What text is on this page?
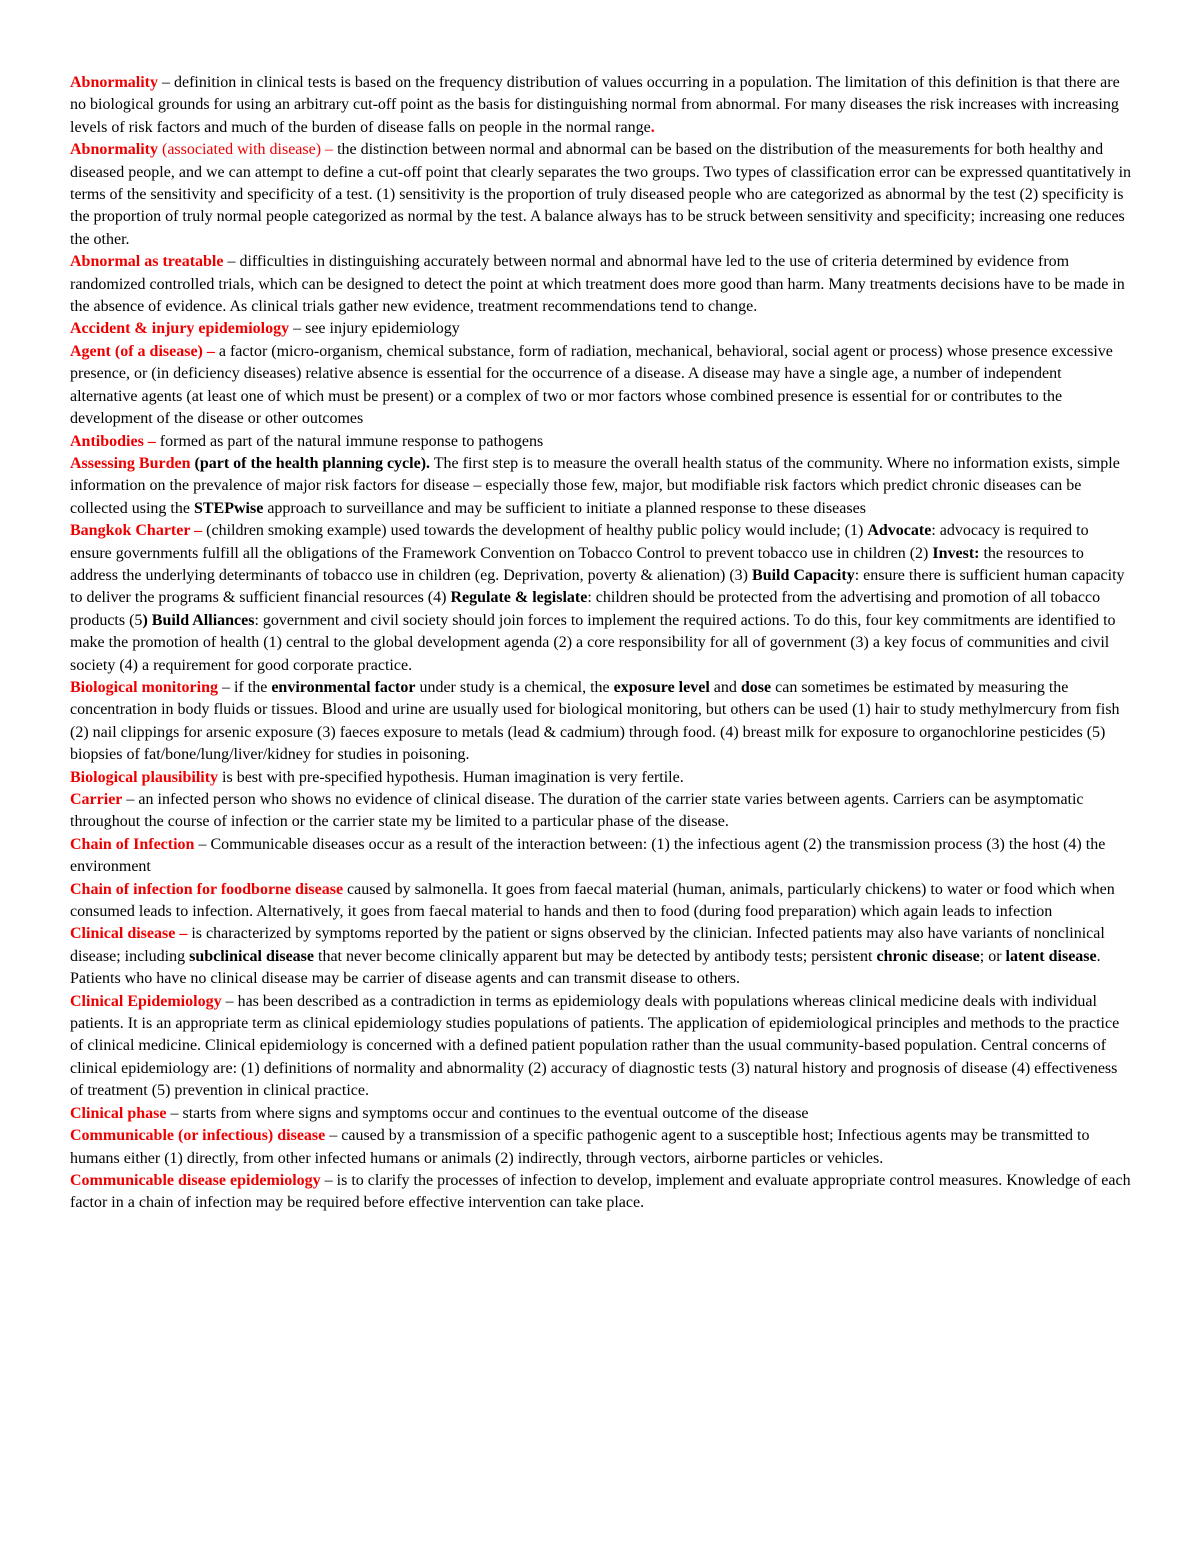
Abnormality – definition in clinical tests is based on the frequency distribution of values occurring in a population. The limitation of this definition is that there are no biological grounds for using an arbitrary cut-off point as the basis for distinguishing normal from abnormal. For many diseases the risk increases with increasing levels of risk factors and much of the burden of disease falls on people in the normal range.

Abnormality (associated with disease) – the distinction between normal and abnormal can be based on the distribution of the measurements for both healthy and diseased people, and we can attempt to define a cut-off point that clearly separates the two groups. Two types of classification error can be expressed quantitatively in terms of the sensitivity and specificity of a test. (1) sensitivity is the proportion of truly diseased people who are categorized as abnormal by the test (2) specificity is the proportion of truly normal people categorized as normal by the test. A balance always has to be struck between sensitivity and specificity; increasing one reduces the other.

Abnormal as treatable – difficulties in distinguishing accurately between normal and abnormal have led to the use of criteria determined by evidence from randomized controlled trials, which can be designed to detect the point at which treatment does more good than harm. Many treatments decisions have to be made in the absence of evidence. As clinical trials gather new evidence, treatment recommendations tend to change.

Accident & injury epidemiology – see injury epidemiology

Agent (of a disease) – a factor (micro-organism, chemical substance, form of radiation, mechanical, behavioral, social agent or process) whose presence excessive presence, or (in deficiency diseases) relative absence is essential for the occurrence of a disease. A disease may have a single age, a number of independent alternative agents (at least one of which must be present) or a complex of two or mor factors whose combined presence is essential for or contributes to the development of the disease or other outcomes

Antibodies – formed as part of the natural immune response to pathogens

Assessing Burden (part of the health planning cycle). The first step is to measure the overall health status of the community. Where no information exists, simple information on the prevalence of major risk factors for disease – especially those few, major, but modifiable risk factors which predict chronic diseases can be collected using the STEPwise approach to surveillance and may be sufficient to initiate a planned response to these diseases

Bangkok Charter – (children smoking example) used towards the development of healthy public policy would include; (1) Advocate: advocacy is required to ensure governments fulfill all the obligations of the Framework Convention on Tobacco Control to prevent tobacco use in children (2) Invest: the resources to address the underlying determinants of tobacco use in children (eg. Deprivation, poverty & alienation) (3) Build Capacity: ensure there is sufficient human capacity to deliver the programs & sufficient financial resources (4) Regulate & legislate: children should be protected from the advertising and promotion of all tobacco products (5) Build Alliances: government and civil society should join forces to implement the required actions. To do this, four key commitments are identified to make the promotion of health (1) central to the global development agenda (2) a core responsibility for all of government (3) a key focus of communities and civil society (4) a requirement for good corporate practice.

Biological monitoring – if the environmental factor under study is a chemical, the exposure level and dose can sometimes be estimated by measuring the concentration in body fluids or tissues. Blood and urine are usually used for biological monitoring, but others can be used (1) hair to study methylmercury from fish (2) nail clippings for arsenic exposure (3) faeces exposure to metals (lead & cadmium) through food. (4) breast milk for exposure to organochlorine pesticides (5) biopsies of fat/bone/lung/liver/kidney for studies in poisoning.

Biological plausibility is best with pre-specified hypothesis. Human imagination is very fertile.

Carrier – an infected person who shows no evidence of clinical disease. The duration of the carrier state varies between agents. Carriers can be asymptomatic throughout the course of infection or the carrier state my be limited to a particular phase of the disease.

Chain of Infection – Communicable diseases occur as a result of the interaction between: (1) the infectious agent (2) the transmission process (3) the host (4) the environment

Chain of infection for foodborne disease caused by salmonella. It goes from faecal material (human, animals, particularly chickens) to water or food which when consumed leads to infection. Alternatively, it goes from faecal material to hands and then to food (during food preparation) which again leads to infection

Clinical disease – is characterized by symptoms reported by the patient or signs observed by the clinician. Infected patients may also have variants of nonclinical disease; including subclinical disease that never become clinically apparent but may be detected by antibody tests; persistent chronic disease; or latent disease. Patients who have no clinical disease may be carrier of disease agents and can transmit disease to others.

Clinical Epidemiology – has been described as a contradiction in terms as epidemiology deals with populations whereas clinical medicine deals with individual patients. It is an appropriate term as clinical epidemiology studies populations of patients. The application of epidemiological principles and methods to the practice of clinical medicine. Clinical epidemiology is concerned with a defined patient population rather than the usual community-based population. Central concerns of clinical epidemiology are: (1) definitions of normality and abnormality (2) accuracy of diagnostic tests (3) natural history and prognosis of disease (4) effectiveness of treatment (5) prevention in clinical practice.

Clinical phase – starts from where signs and symptoms occur and continues to the eventual outcome of the disease

Communicable (or infectious) disease – caused by a transmission of a specific pathogenic agent to a susceptible host; Infectious agents may be transmitted to humans either (1) directly, from other infected humans or animals (2) indirectly, through vectors, airborne particles or vehicles.

Communicable disease epidemiology – is to clarify the processes of infection to develop, implement and evaluate appropriate control measures. Knowledge of each factor in a chain of infection may be required before effective intervention can take place.
